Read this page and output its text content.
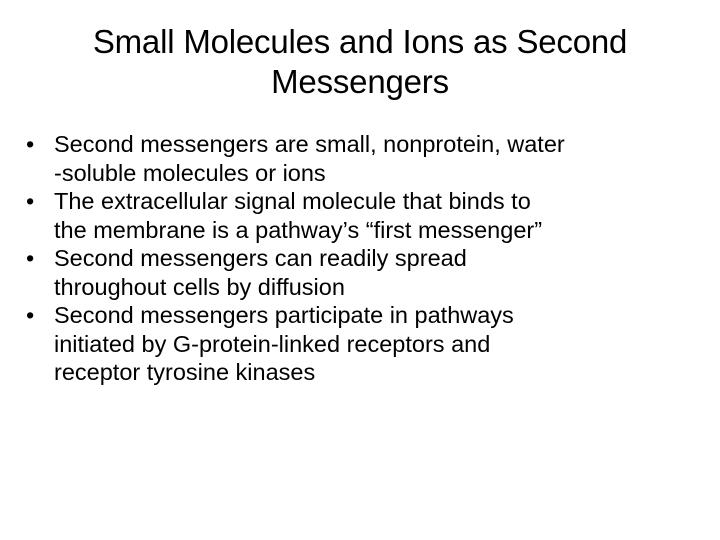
Small Molecules and Ions as Second
Messengers
• Second messengers are small, nonprotein, water
-soluble molecules or ions
• The extracellular signal molecule that binds to
the membrane is a pathway’s “first messenger”
• Second messengers can readily spread
throughout cells by diffusion
• Second messengers participate in pathways
initiated by G-protein-linked receptors and
receptor tyrosine kinases
